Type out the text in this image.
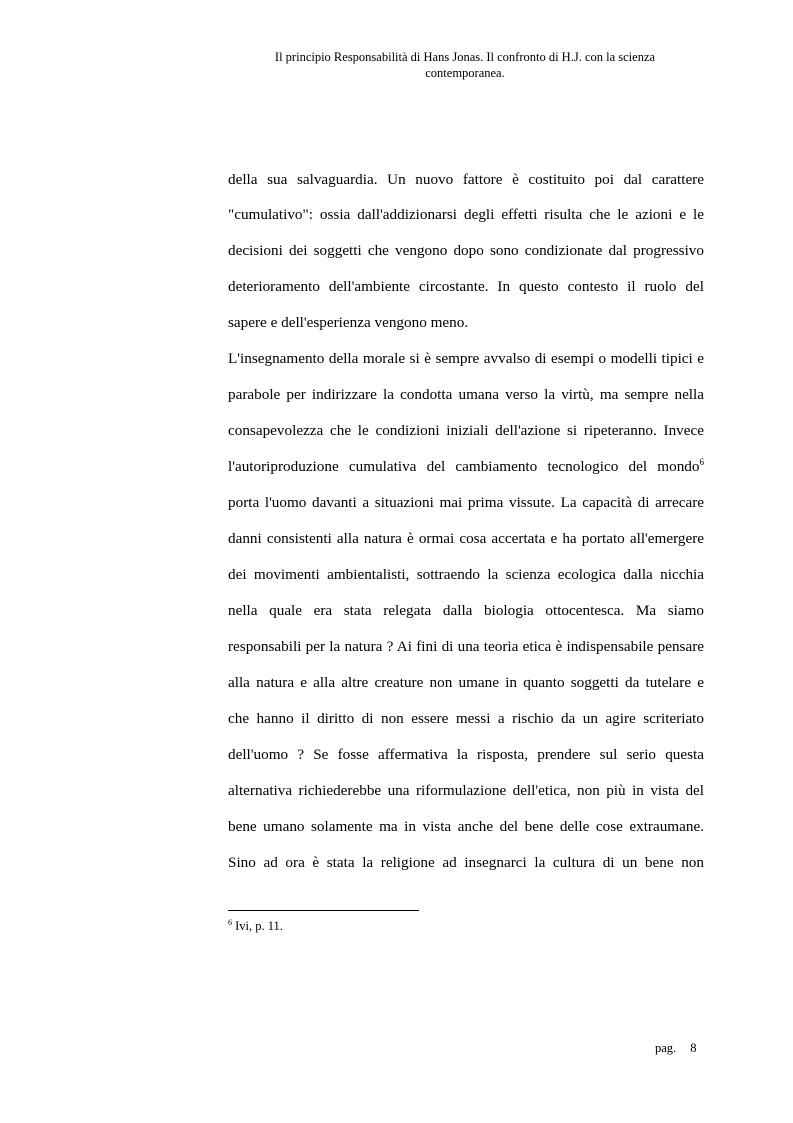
Il principio Responsabilità di Hans Jonas. Il confronto di H.J. con la scienza
contemporanea.
della sua salvaguardia. Un nuovo fattore è costituito poi dal carattere
"cumulativo": ossia dall'addizionarsi degli effetti risulta che le azioni e le
decisioni dei soggetti che vengono dopo sono condizionate dal progressivo
deterioramento dell'ambiente circostante. In questo contesto il ruolo del
sapere e dell'esperienza vengono meno.
L'insegnamento della morale si è sempre avvalso di esempi o modelli tipici e
parabole per indirizzare la condotta umana verso la virtù, ma sempre nella
consapevolezza che le condizioni iniziali dell'azione si ripeteranno. Invece
l'autoriproduzione cumulativa del cambiamento tecnologico del mondo$^6$
porta l'uomo davanti a situazioni mai prima vissute. La capacità di arrecare
danni consistenti alla natura è ormai cosa accertata e ha portato all'emergere
dei movimenti ambientalisti, sottraendo la scienza ecologica dalla nicchia
nella quale era stata relegata dalla biologia ottocentesca. Ma siamo
responsabili per la natura ? Ai fini di una teoria etica è indispensabile pensare
alla natura e alla altre creature non umane in quanto soggetti da tutelare e
che hanno il diritto di non essere messi a rischio da un agire scriteriato
dell'uomo ? Se fosse affermativa la risposta, prendere sul serio questa
alternativa richiederebbe una riformulazione dell'etica, non più in vista del
bene umano solamente ma in vista anche del bene delle cose extraumane.
Sino ad ora è stata la religione ad insegnarci la cultura di un bene non
$^6$ Ivi, p. 11.
pag. 8
